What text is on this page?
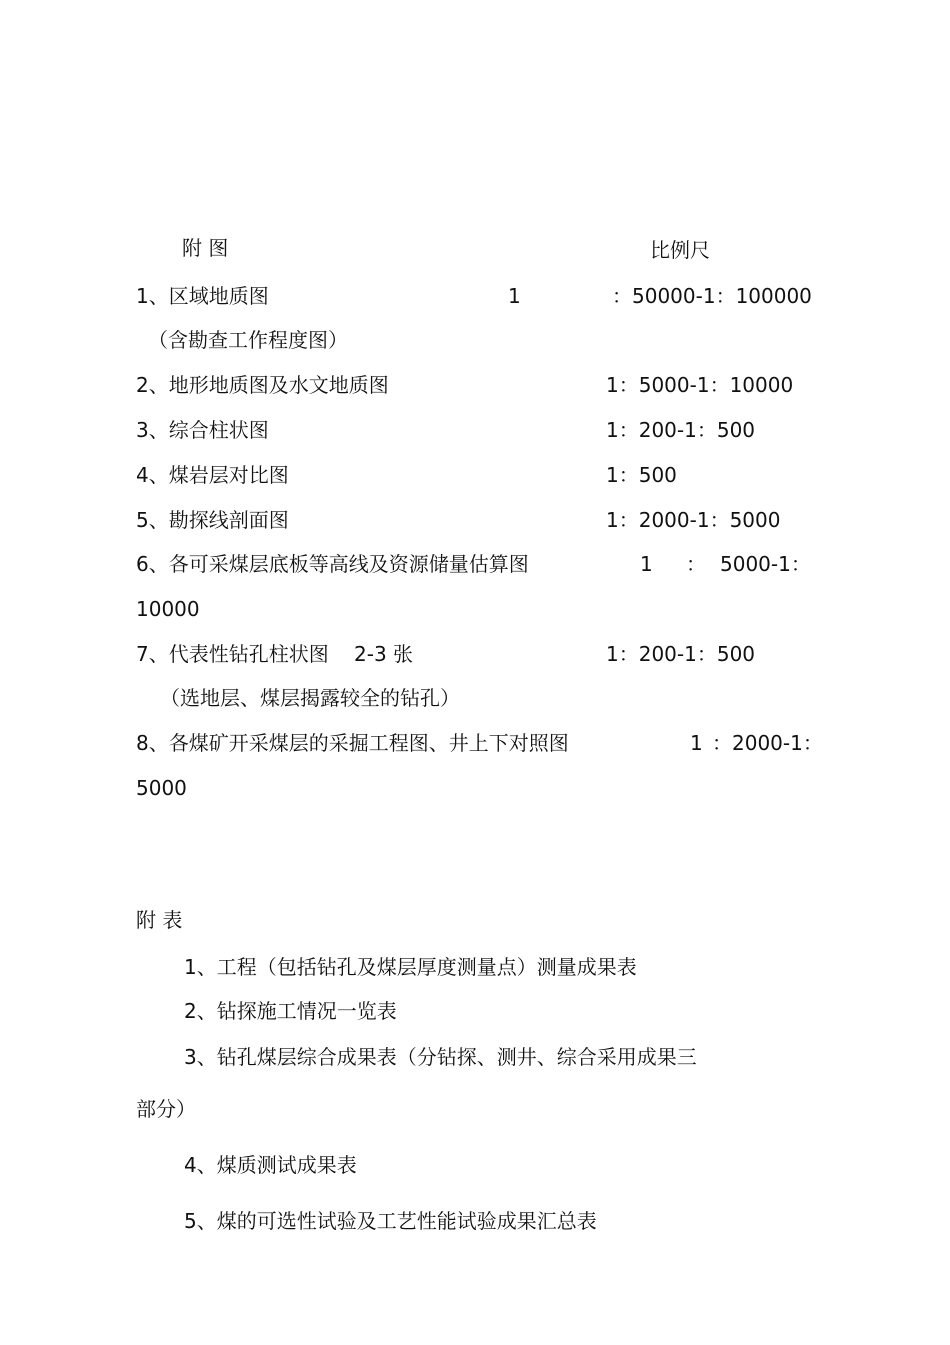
附 图	比例尺
1、区域地质图	1	：50000-1：100000
（含勘查工作程度图）
2、地形地质图及水文地质图	1：5000-1：10000
3、综合柱状图	1：200-1：500
4、煤岩层对比图	1：500
5、勘探线剖面图	1：2000-1：5000
6、各可采煤层底板等高线及资源储量估算图	1 ： 5000-1：
10000
7、代表性钻孔柱状图 2-3 张	1：200-1：500
（选地层、煤层揭露较全的钻孔）
8、各煤矿开采煤层的采掘工程图、井上下对照图	1 ：2000-1：
5000
附 表
1、工程（包括钻孔及煤层厚度测量点）测量成果表
2、钻探施工情况一览表
3、钻孔煤层综合成果表（分钻探、测井、综合采用成果三
部分）
4、煤质测试成果表
5、煤的可选性试验及工艺性能试验成果汇总表
